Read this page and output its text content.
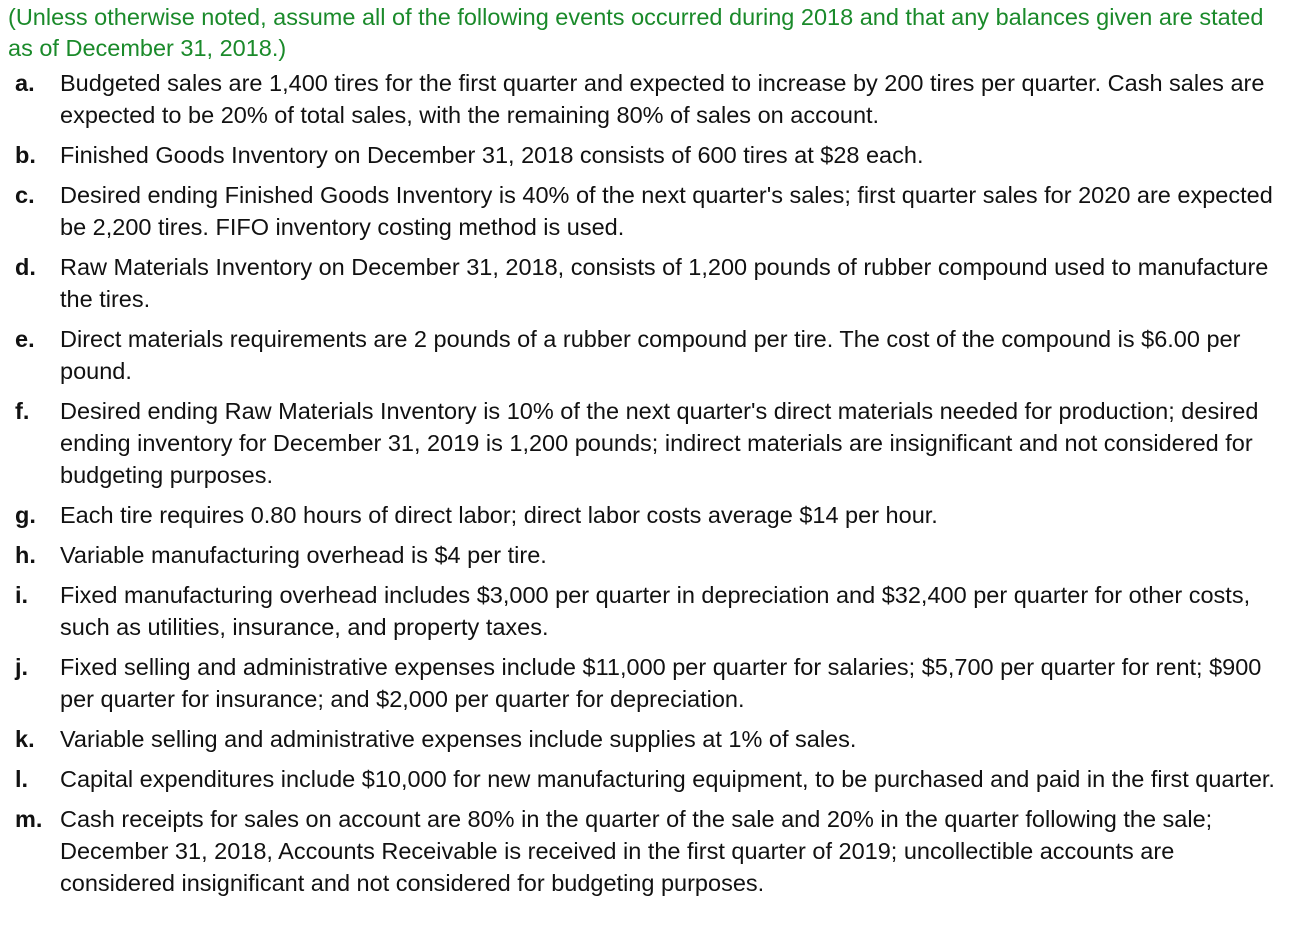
(Unless otherwise noted, assume all of the following events occurred during 2018 and that any balances given are stated as of December 31, 2018.)
a.	Budgeted sales are 1,400 tires for the first quarter and expected to increase by 200 tires per quarter. Cash sales are expected to be 20% of total sales, with the remaining 80% of sales on account.
b.	Finished Goods Inventory on December 31, 2018 consists of 600 tires at $28 each.
c.	Desired ending Finished Goods Inventory is 40% of the next quarter's sales; first quarter sales for 2020 are expected be 2,200 tires. FIFO inventory costing method is used.
d.	Raw Materials Inventory on December 31, 2018, consists of 1,200 pounds of rubber compound used to manufacture the tires.
e.	Direct materials requirements are 2 pounds of a rubber compound per tire. The cost of the compound is $6.00 per pound.
f.	Desired ending Raw Materials Inventory is 10% of the next quarter's direct materials needed for production; desired ending inventory for December 31, 2019 is 1,200 pounds; indirect materials are insignificant and not considered for budgeting purposes.
g.	Each tire requires 0.80 hours of direct labor; direct labor costs average $14 per hour.
h.	Variable manufacturing overhead is $4 per tire.
i.	Fixed manufacturing overhead includes $3,000 per quarter in depreciation and $32,400 per quarter for other costs, such as utilities, insurance, and property taxes.
j.	Fixed selling and administrative expenses include $11,000 per quarter for salaries; $5,700 per quarter for rent; $900 per quarter for insurance; and $2,000 per quarter for depreciation.
k.	Variable selling and administrative expenses include supplies at 1% of sales.
l.	Capital expenditures include $10,000 for new manufacturing equipment, to be purchased and paid in the first quarter.
m. Cash receipts for sales on account are 80% in the quarter of the sale and 20% in the quarter following the sale; December 31, 2018, Accounts Receivable is received in the first quarter of 2019; uncollectible accounts are considered insignificant and not considered for budgeting purposes.
